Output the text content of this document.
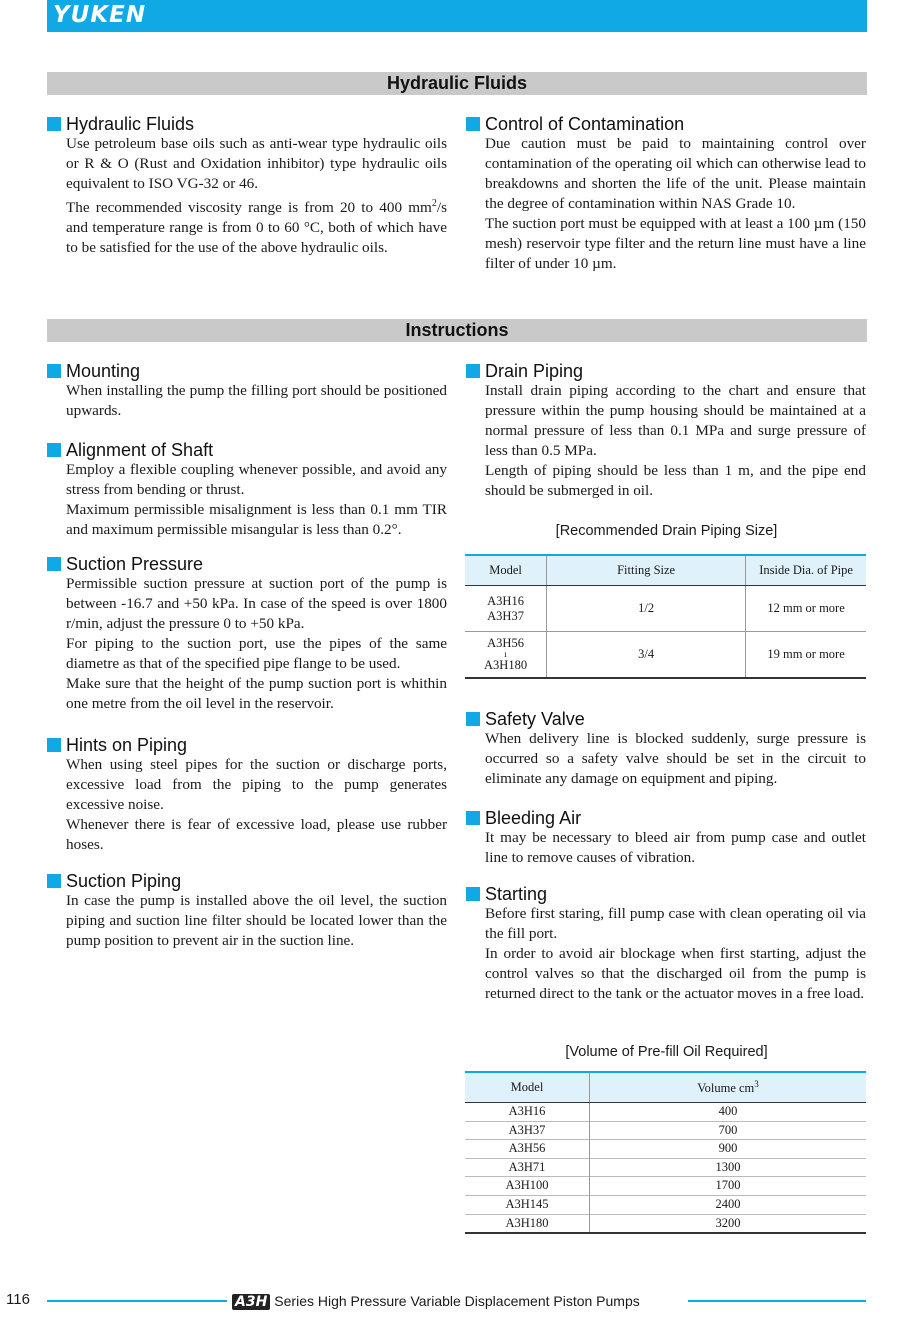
YUKEN
Hydraulic Fluids
Hydraulic Fluids
Use petroleum base oils such as anti-wear type hydraulic oils or R & O (Rust and Oxidation inhibitor) type hydraulic oils equivalent to ISO VG-32 or 46.
The recommended viscosity range is from 20 to 400 $mm^2/s$ and temperature range is from 0 to 60 °C, both of which have to be satisfied for the use of the above hydraulic oils.
Control of Contamination
Due caution must be paid to maintaining control over contamination of the operating oil which can otherwise lead to breakdowns and shorten the life of the unit. Please maintain the degree of contamination within NAS Grade 10.
The suction port must be equipped with at least a 100 µm (150 mesh) reservoir type filter and the return line must have a line filter of under 10 µm.
Instructions
Mounting
When installing the pump the filling port should be positioned upwards.
Alignment of Shaft
Employ a flexible coupling whenever possible, and avoid any stress from bending or thrust.
Maximum permissible misalignment is less than 0.1 mm TIR and maximum permissible misangular is less than 0.2°.
Suction Pressure
Permissible suction pressure at suction port of the pump is between -16.7 and +50 kPa. In case of the speed is over 1800 r/min, adjust the pressure 0 to +50 kPa.
For piping to the suction port, use the pipes of the same diametre as that of the specified pipe flange to be used.
Make sure that the height of the pump suction port is whithin one metre from the oil level in the reservoir.
Hints on Piping
When using steel pipes for the suction or discharge ports, excessive load from the piping to the pump generates excessive noise.
Whenever there is fear of excessive load, please use rubber hoses.
Suction Piping
In case the pump is installed above the oil level, the suction piping and suction line filter should be located lower than the pump position to prevent air in the suction line.
Drain Piping
Install drain piping according to the chart and ensure that pressure within the pump housing should be maintained at a normal pressure of less than 0.1 MPa and surge pressure of less than 0.5 MPa.
Length of piping should be less than 1 m, and the pipe end should be submerged in oil.
[Recommended Drain Piping Size]
Model	Fitting Size	Inside Dia. of Pipe

A3H16
A3H37	1/2	12 mm or more

A3H56
ı
A3H180	3/4	19 mm or more
Safety Valve
When delivery line is blocked suddenly, surge pressure is occurred so a safety valve should be set in the circuit to eliminate any damage on equipment and piping.
Bleeding Air
It may be necessary to bleed air from pump case and outlet line to remove causes of vibration.
Starting
Before first staring, fill pump case with clean operating oil via the fill port.
In order to avoid air blockage when first starting, adjust the control valves so that the discharged oil from the pump is returned direct to the tank or the actuator moves in a free load.
[Volume of Pre-fill Oil Required]
Model	Volume $cm^3$
A3H16	400
A3H37	700
A3H56	900
A3H71	1300
A3H100	1700
A3H145	2400
A3H180	3200
116	A3H Series High Pressure Variable Displacement Piston Pumps
